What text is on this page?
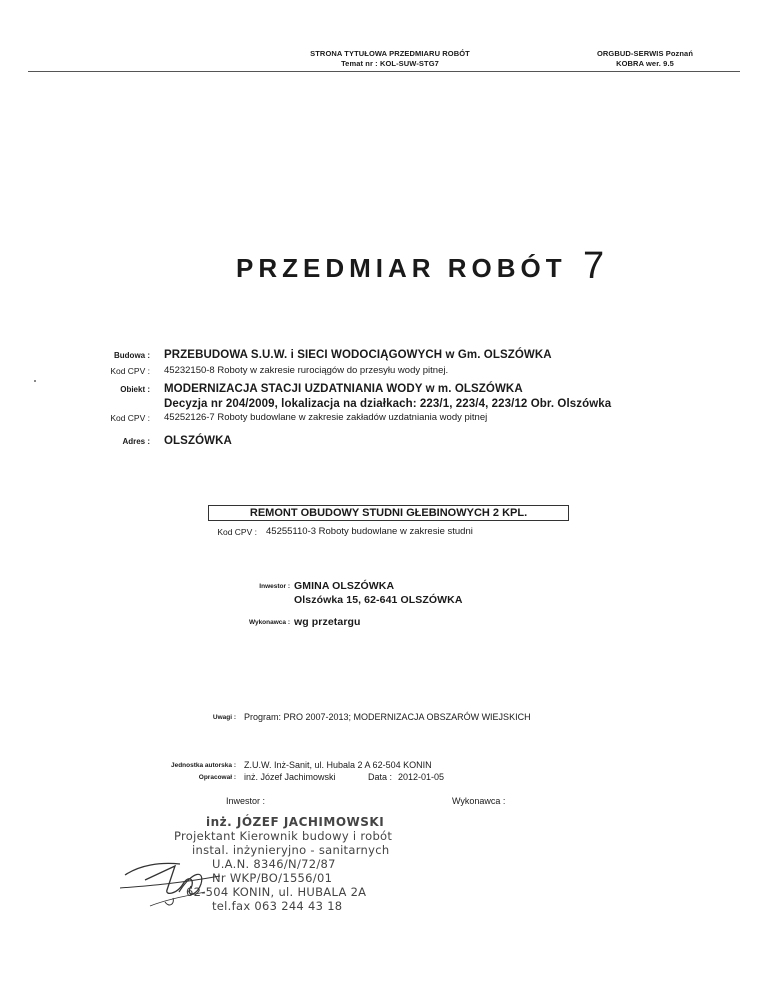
STRONA TYTUŁOWA PRZEDMIARU ROBÓT
Temat nr : KOL-SUW-STG7
ORGBUD-SERWIS Poznań
KOBRA wer. 9.5
PRZEDMIAR ROBÓT 7
Budowa : PRZEBUDOWA S.U.W. i SIECI WODOCIĄGOWYCH w Gm. OLSZÓWKA
Kod CPV : 45232150-8 Roboty w zakresie rurociągów do przesyłu wody pitnej.
Obiekt : MODERNIZACJA STACJI UZDATNIANIA WODY w m. OLSZÓWKA
Decyzja nr 204/2009, lokalizacja na działkach: 223/1, 223/4, 223/12 Obr. Olszówka
Kod CPV : 45252126-7 Roboty budowlane w zakresie zakładów uzdatniania wody pitnej
Adres : OLSZÓWKA
REMONT OBUDOWY STUDNI GŁEBINOWYCH 2 KPL.
Kod CPV : 45255110-3 Roboty budowlane w zakresie studni
Inwestor : GMINA OLSZÓWKA
Olszówka 15, 62-641 OLSZÓWKA
Wykonawca : wg przetargu
Uwagi : Program: PRO 2007-2013; MODERNIZACJA OBSZARÓW WIEJSKICH
Jednostka autorska : Z.U.W. Inż-Sanit, ul. Hubala 2 A 62-504 KONIN
Opracował : inż. Józef Jachimowski	Data : 2012-01-05
Inwestor :	Wykonawca :
inż. JÓZEF JACHIMOWSKI
Projektant Kierownik budowy i robót
instal. inżynieryjno - sanitarnych
U.A.N. 8346/N/72/87
Nr WKP/BO/1556/01
62-504 KONIN, ul. HUBALA 2A
tel.fax 063 244 43 18
